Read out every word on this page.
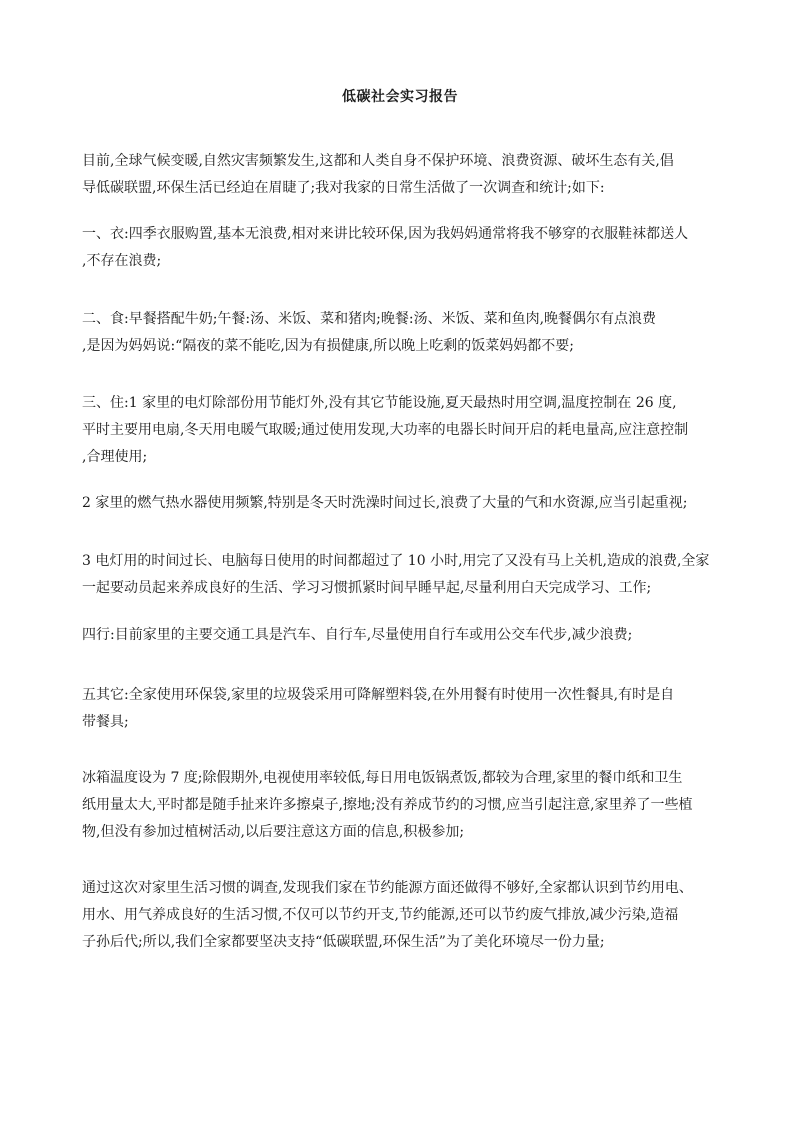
低碳社会实习报告
目前,全球气候变暖,自然灾害频繁发生,这都和人类自身不保护环境、浪费资源、破坏生态有关,倡
导低碳联盟,环保生活已经迫在眉睫了;我对我家的日常生活做了一次调查和统计;如下:
一、衣:四季衣服购置,基本无浪费,相对来讲比较环保,因为我妈妈通常将我不够穿的衣服鞋袜都送人
,不存在浪费;
二、食:早餐搭配牛奶;午餐:汤、米饭、菜和猪肉;晚餐:汤、米饭、菜和鱼肉,晚餐偶尔有点浪费
,是因为妈妈说:“隔夜的菜不能吃,因为有损健康,所以晚上吃剩的饭菜妈妈都不要;
三、住:1 家里的电灯除部份用节能灯外,没有其它节能设施,夏天最热时用空调,温度控制在 26 度,
平时主要用电扇,冬天用电暖气取暖;通过使用发现,大功率的电器长时间开启的耗电量高,应注意控制
,合理使用;
2 家里的燃气热水器使用频繁,特别是冬天时洗澡时间过长,浪费了大量的气和水资源,应当引起重视;
3 电灯用的时间过长、电脑每日使用的时间都超过了 10 小时,用完了又没有马上关机,造成的浪费,全家
一起要动员起来养成良好的生活、学习习惯抓紧时间早睡早起,尽量利用白天完成学习、工作;
四行:目前家里的主要交通工具是汽车、自行车,尽量使用自行车或用公交车代步,减少浪费;
五其它:全家使用环保袋,家里的垃圾袋采用可降解塑料袋,在外用餐有时使用一次性餐具,有时是自
带餐具;
冰箱温度设为 7 度;除假期外,电视使用率较低,每日用电饭锅煮饭,都较为合理,家里的餐巾纸和卫生
纸用量太大,平时都是随手扯来许多擦桌子,擦地;没有养成节约的习惯,应当引起注意,家里养了一些植
物,但没有参加过植树活动,以后要注意这方面的信息,积极参加;
通过这次对家里生活习惯的调查,发现我们家在节约能源方面还做得不够好,全家都认识到节约用电、
用水、用气养成良好的生活习惯,不仅可以节约开支,节约能源,还可以节约废气排放,减少污染,造福
子孙后代;所以,我们全家都要坚决支持“低碳联盟,环保生活”为了美化环境尽一份力量;
